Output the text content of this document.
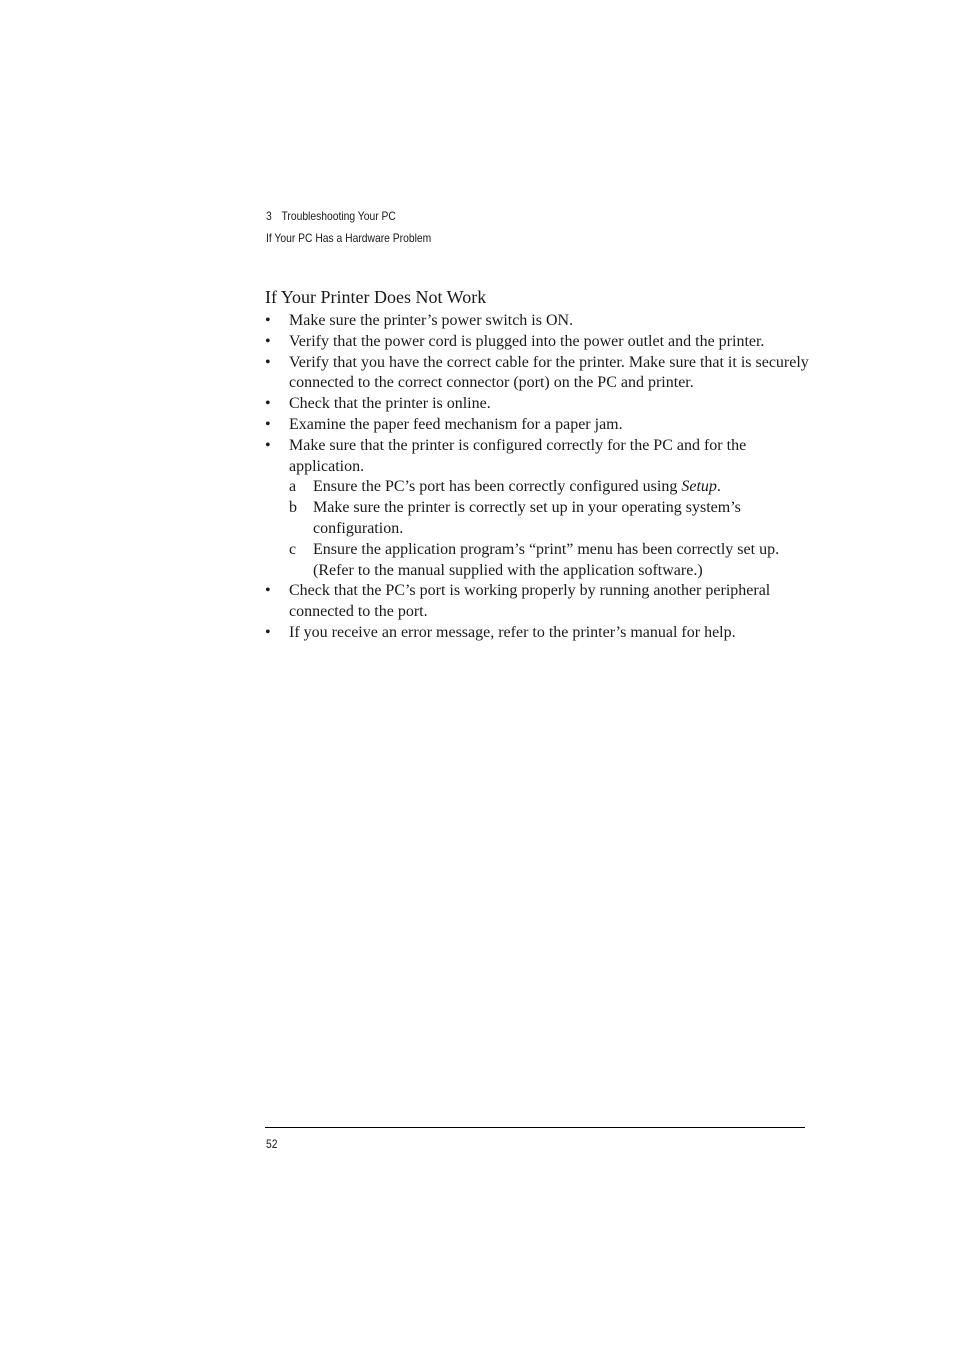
3 Troubleshooting Your PC
If Your PC Has a Hardware Problem
If Your Printer Does Not Work
• Make sure the printer’s power switch is ON.
• Verify that the power cord is plugged into the power outlet and the printer.
• Verify that you have the correct cable for the printer. Make sure that it is securely connected to the correct connector (port) on the PC and printer.
• Check that the printer is online.
• Examine the paper feed mechanism for a paper jam.
• Make sure that the printer is configured correctly for the PC and for the application.
a Ensure the PC’s port has been correctly configured using Setup.
b Make sure the printer is correctly set up in your operating system’s configuration.
c Ensure the application program’s “print” menu has been correctly set up. (Refer to the manual supplied with the application software.)
• Check that the PC’s port is working properly by running another peripheral connected to the port.
• If you receive an error message, refer to the printer’s manual for help.
52
